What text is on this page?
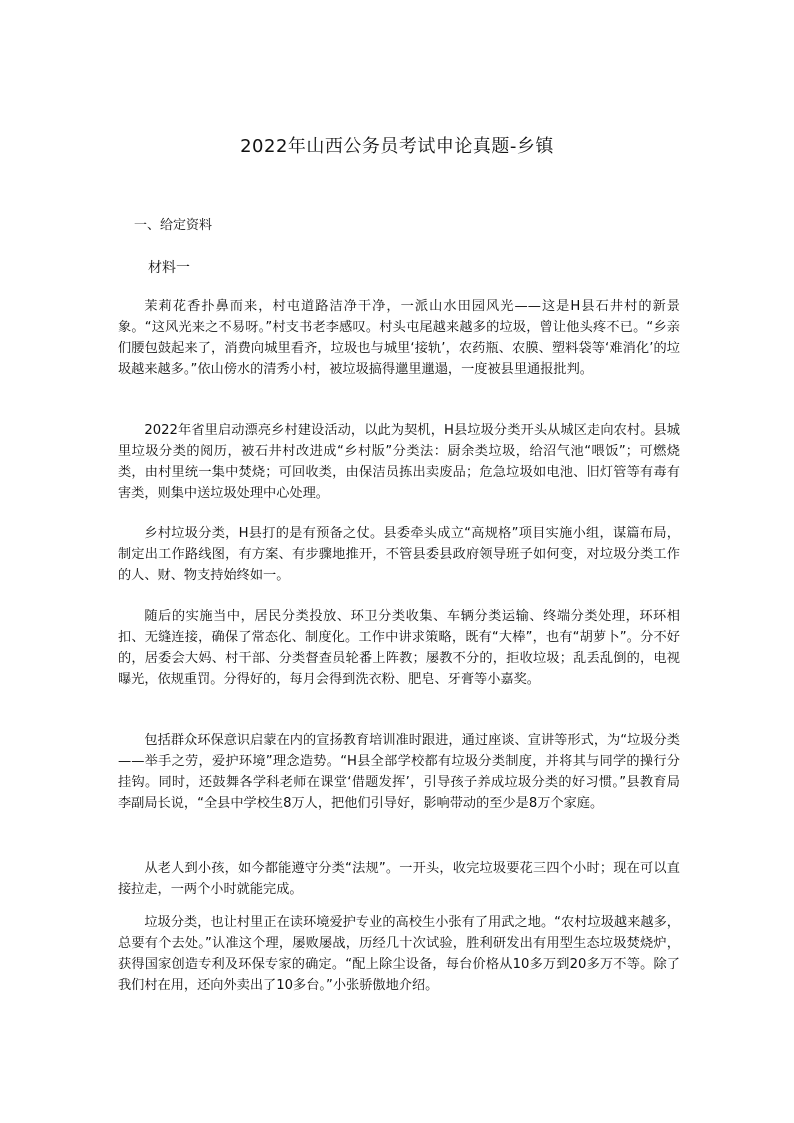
2022年山西公务员考试申论真题-乡镇
一、给定资料
材料一

茉莉花香扑鼻而来，村屯道路洁净干净，一派山水田园风光——这是H县石井村的新景象。“这风光来之不易呀。”村支书老李感叹。村头屯尾越来越多的垃圾，曾让他头疼不已。“乡亲们腰包鼓起来了，消费向城里看齐，垃圾也与城里‘接轨’，农药瓶、农膜、塑料袋等‘难消化’的垃圾越来越多。”依山傍水的清秀小村，被垃圾搞得邋里邋遢，一度被县里通报批判。

2022年省里启动漂亮乡村建设活动，以此为契机，H县垃圾分类开头从城区走向农村。县城里垃圾分类的阅历，被石井村改进成“乡村版”分类法：厨余类垃圾，给沼气池“喂饭”；可燃烧类，由村里统一集中焚烧；可回收类，由保洁员拣出卖废品；危急垃圾如电池、旧灯管等有毒有害类，则集中送垃圾处理中心处理。

乡村垃圾分类，H县打的是有预备之仗。县委牵头成立“高规格”项目实施小组，谋篇布局，制定出工作路线图，有方案、有步骤地推开，不管县委县政府领导班子如何变，对垃圾分类工作的人、财、物支持始终如一。

随后的实施当中，居民分类投放、环卫分类收集、车辆分类运输、终端分类处理，环环相扣、无缝连接，确保了常态化、制度化。工作中讲求策略，既有“大棒”，也有“胡萝卜”。分不好的，居委会大妈、村干部、分类督查员轮番上阵教；屡教不分的，拒收垃圾；乱丢乱倒的，电视曝光，依规重罚。分得好的，每月会得到洗衣粉、肥皂、牙膏等小嘉奖。

包括群众环保意识启蒙在内的宣扬教育培训准时跟进，通过座谈、宣讲等形式，为“垃圾分类——举手之劳，爱护环境”理念造势。“H县全部学校都有垃圾分类制度，并将其与同学的操行分挂钩。同时，还鼓舞各学科老师在课堂‘借题发挥’，引导孩子养成垃圾分类的好习惯。”县教育局李副局长说，“全县中学校生8万人，把他们引导好，影响带动的至少是8万个家庭。

从老人到小孩，如今都能遵守分类“法规”。一开头，收完垃圾要花三四个小时；现在可以直接拉走，一两个小时就能完成。

垃圾分类，也让村里正在读环境爱护专业的高校生小张有了用武之地。“农村垃圾越来越多，总要有个去处。”认准这个理，屡败屡战，历经几十次试验，胜利研发出有用型生态垃圾焚烧炉，获得国家创造专利及环保专家的确定。“配上除尘设备，每台价格从10多万到20多万不等。除了我们村在用，还向外卖出了10多台。”小张骄傲地介绍。
